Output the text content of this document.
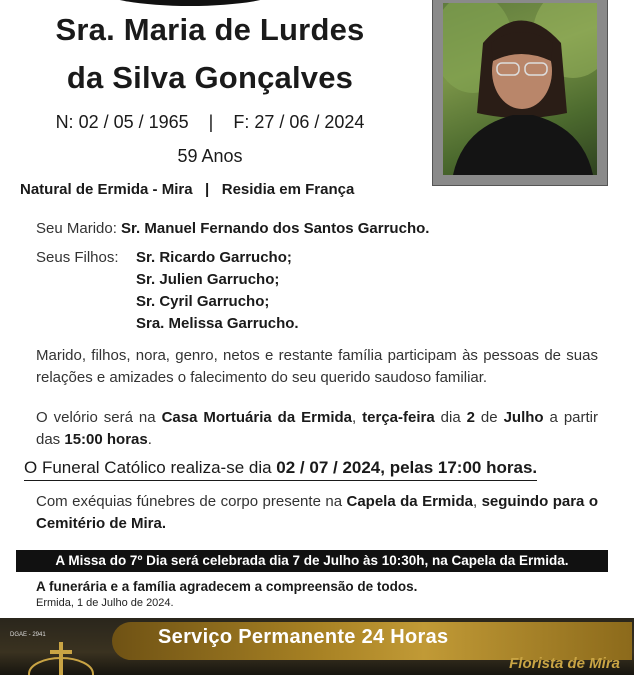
Sra. Maria de Lurdes
da Silva Gonçalves
N: 02 / 05 / 1965    |    F: 27 / 06 / 2024
59 Anos
Natural de Ermida - Mira   |   Residia em França
Seu Marido: Sr. Manuel Fernando dos Santos Garrucho.
Seus Filhos: Sr. Ricardo Garrucho;
Sr. Julien Garrucho;
Sr. Cyril Garrucho;
Sra. Melissa Garrucho.
Marido, filhos, nora, genro, netos e restante família participam às pessoas de suas relações e amizades o falecimento do seu querido saudoso familiar.
O velório será na Casa Mortuária da Ermida, terça-feira dia 2 de Julho a partir das 15:00 horas.
O Funeral Católico realiza-se dia 02 / 07 / 2024, pelas 17:00 horas.
Com exéquias fúnebres de corpo presente na Capela da Ermida, seguindo para o Cemitério de Mira.
A Missa do 7º Dia será celebrada dia 7 de Julho às 10:30h, na Capela da Ermida.
A funerária e a família agradecem a compreensão de todos.
Ermida, 1 de Julho de 2024.
DGAE - 2941	Serviço Permanente 24 Horas
Florista de Mira
